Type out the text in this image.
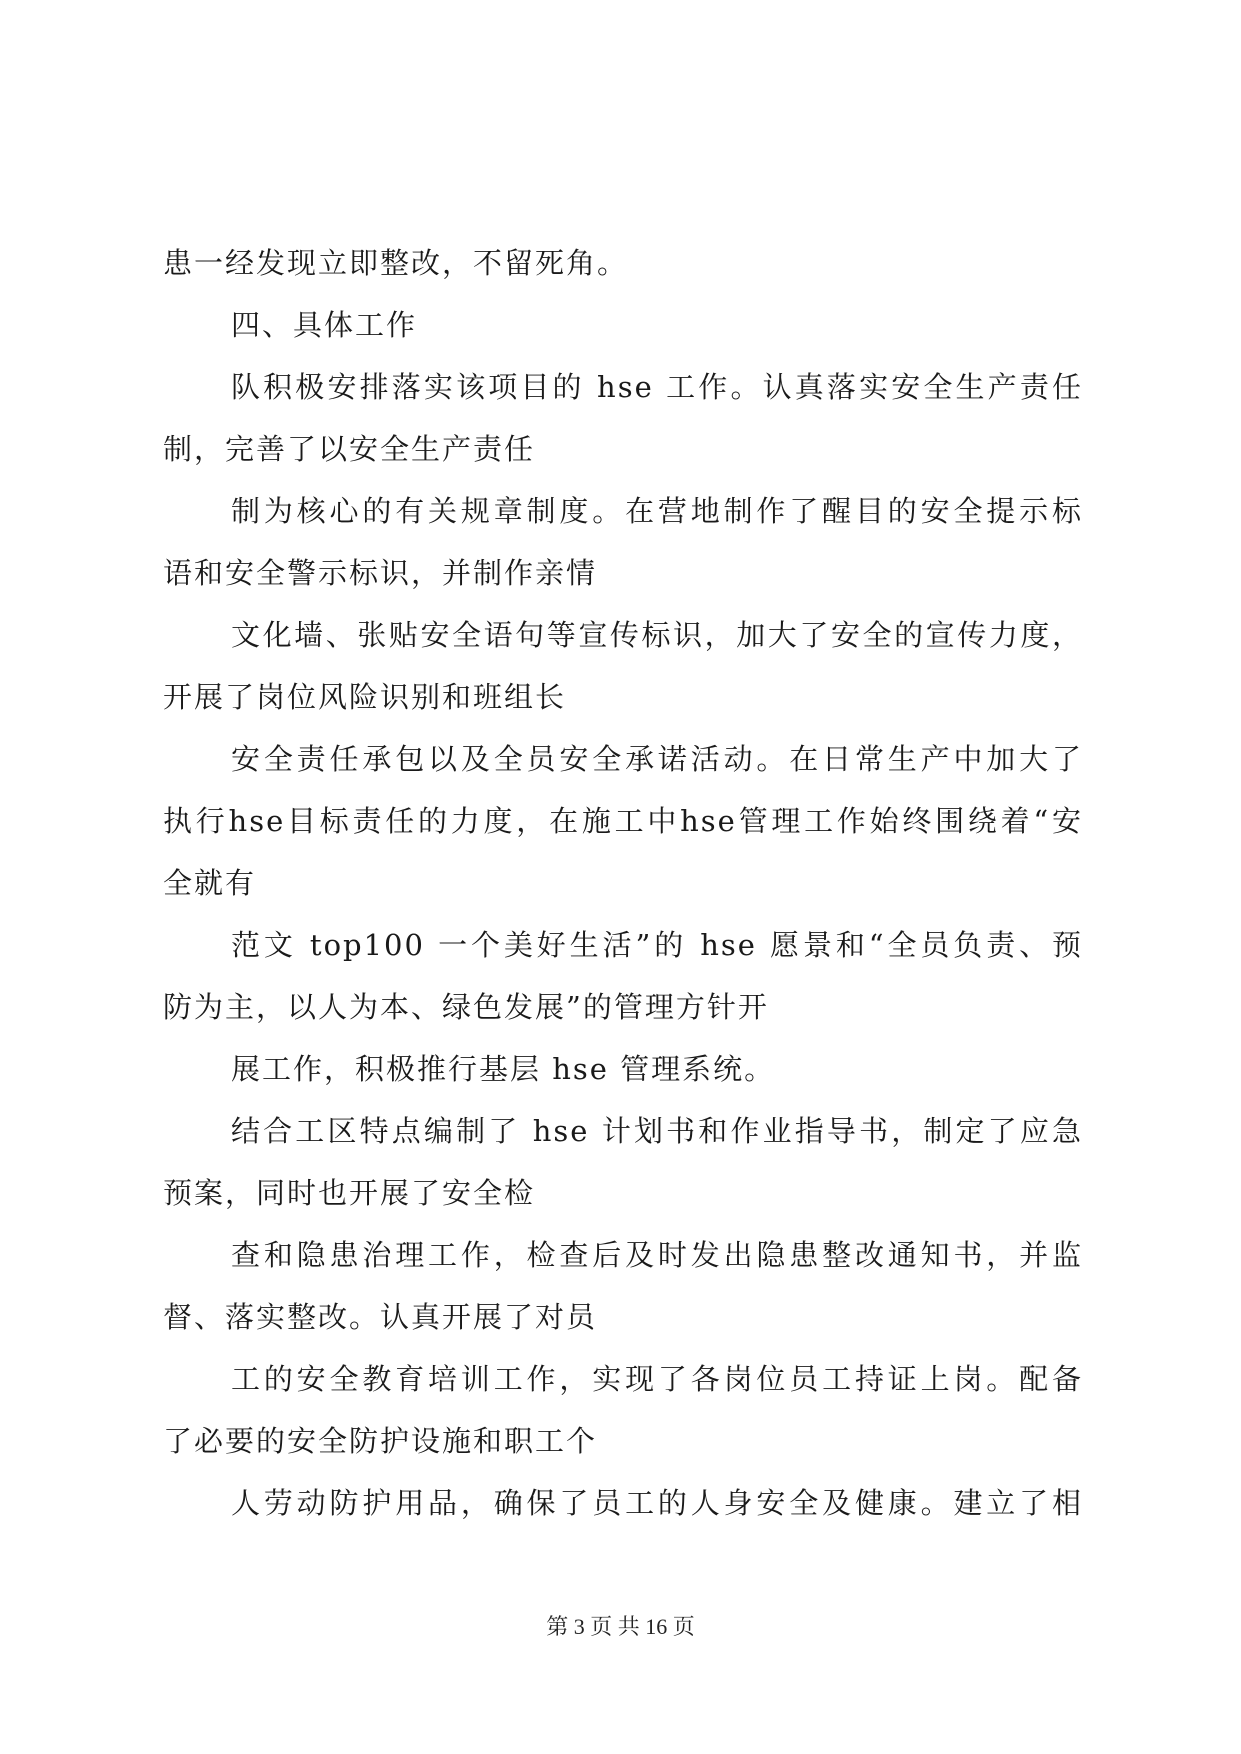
患一经发现立即整改，不留死角。
四、具体工作
队积极安排落实该项目的 hse 工作。认真落实安全生产责任
制，完善了以安全生产责任
制为核心的有关规章制度。在营地制作了醒目的安全提示标
语和安全警示标识，并制作亲情
文化墙、张贴安全语句等宣传标识，加大了安全的宣传力度，
开展了岗位风险识别和班组长
安全责任承包以及全员安全承诺活动。在日常生产中加大了
执行hse目标责任的力度，在施工中hse管理工作始终围绕着“安
全就有
范文 top100 一个美好生活”的 hse 愿景和“全员负责、预
防为主，以人为本、绿色发展”的管理方针开
展工作，积极推行基层 hse 管理系统。
结合工区特点编制了 hse 计划书和作业指导书，制定了应急
预案，同时也开展了安全检
查和隐患治理工作，检查后及时发出隐患整改通知书，并监
督、落实整改。认真开展了对员
工的安全教育培训工作，实现了各岗位员工持证上岗。配备
了必要的安全防护设施和职工个
人劳动防护用品，确保了员工的人身安全及健康。建立了相
第 3 页 共 16 页
